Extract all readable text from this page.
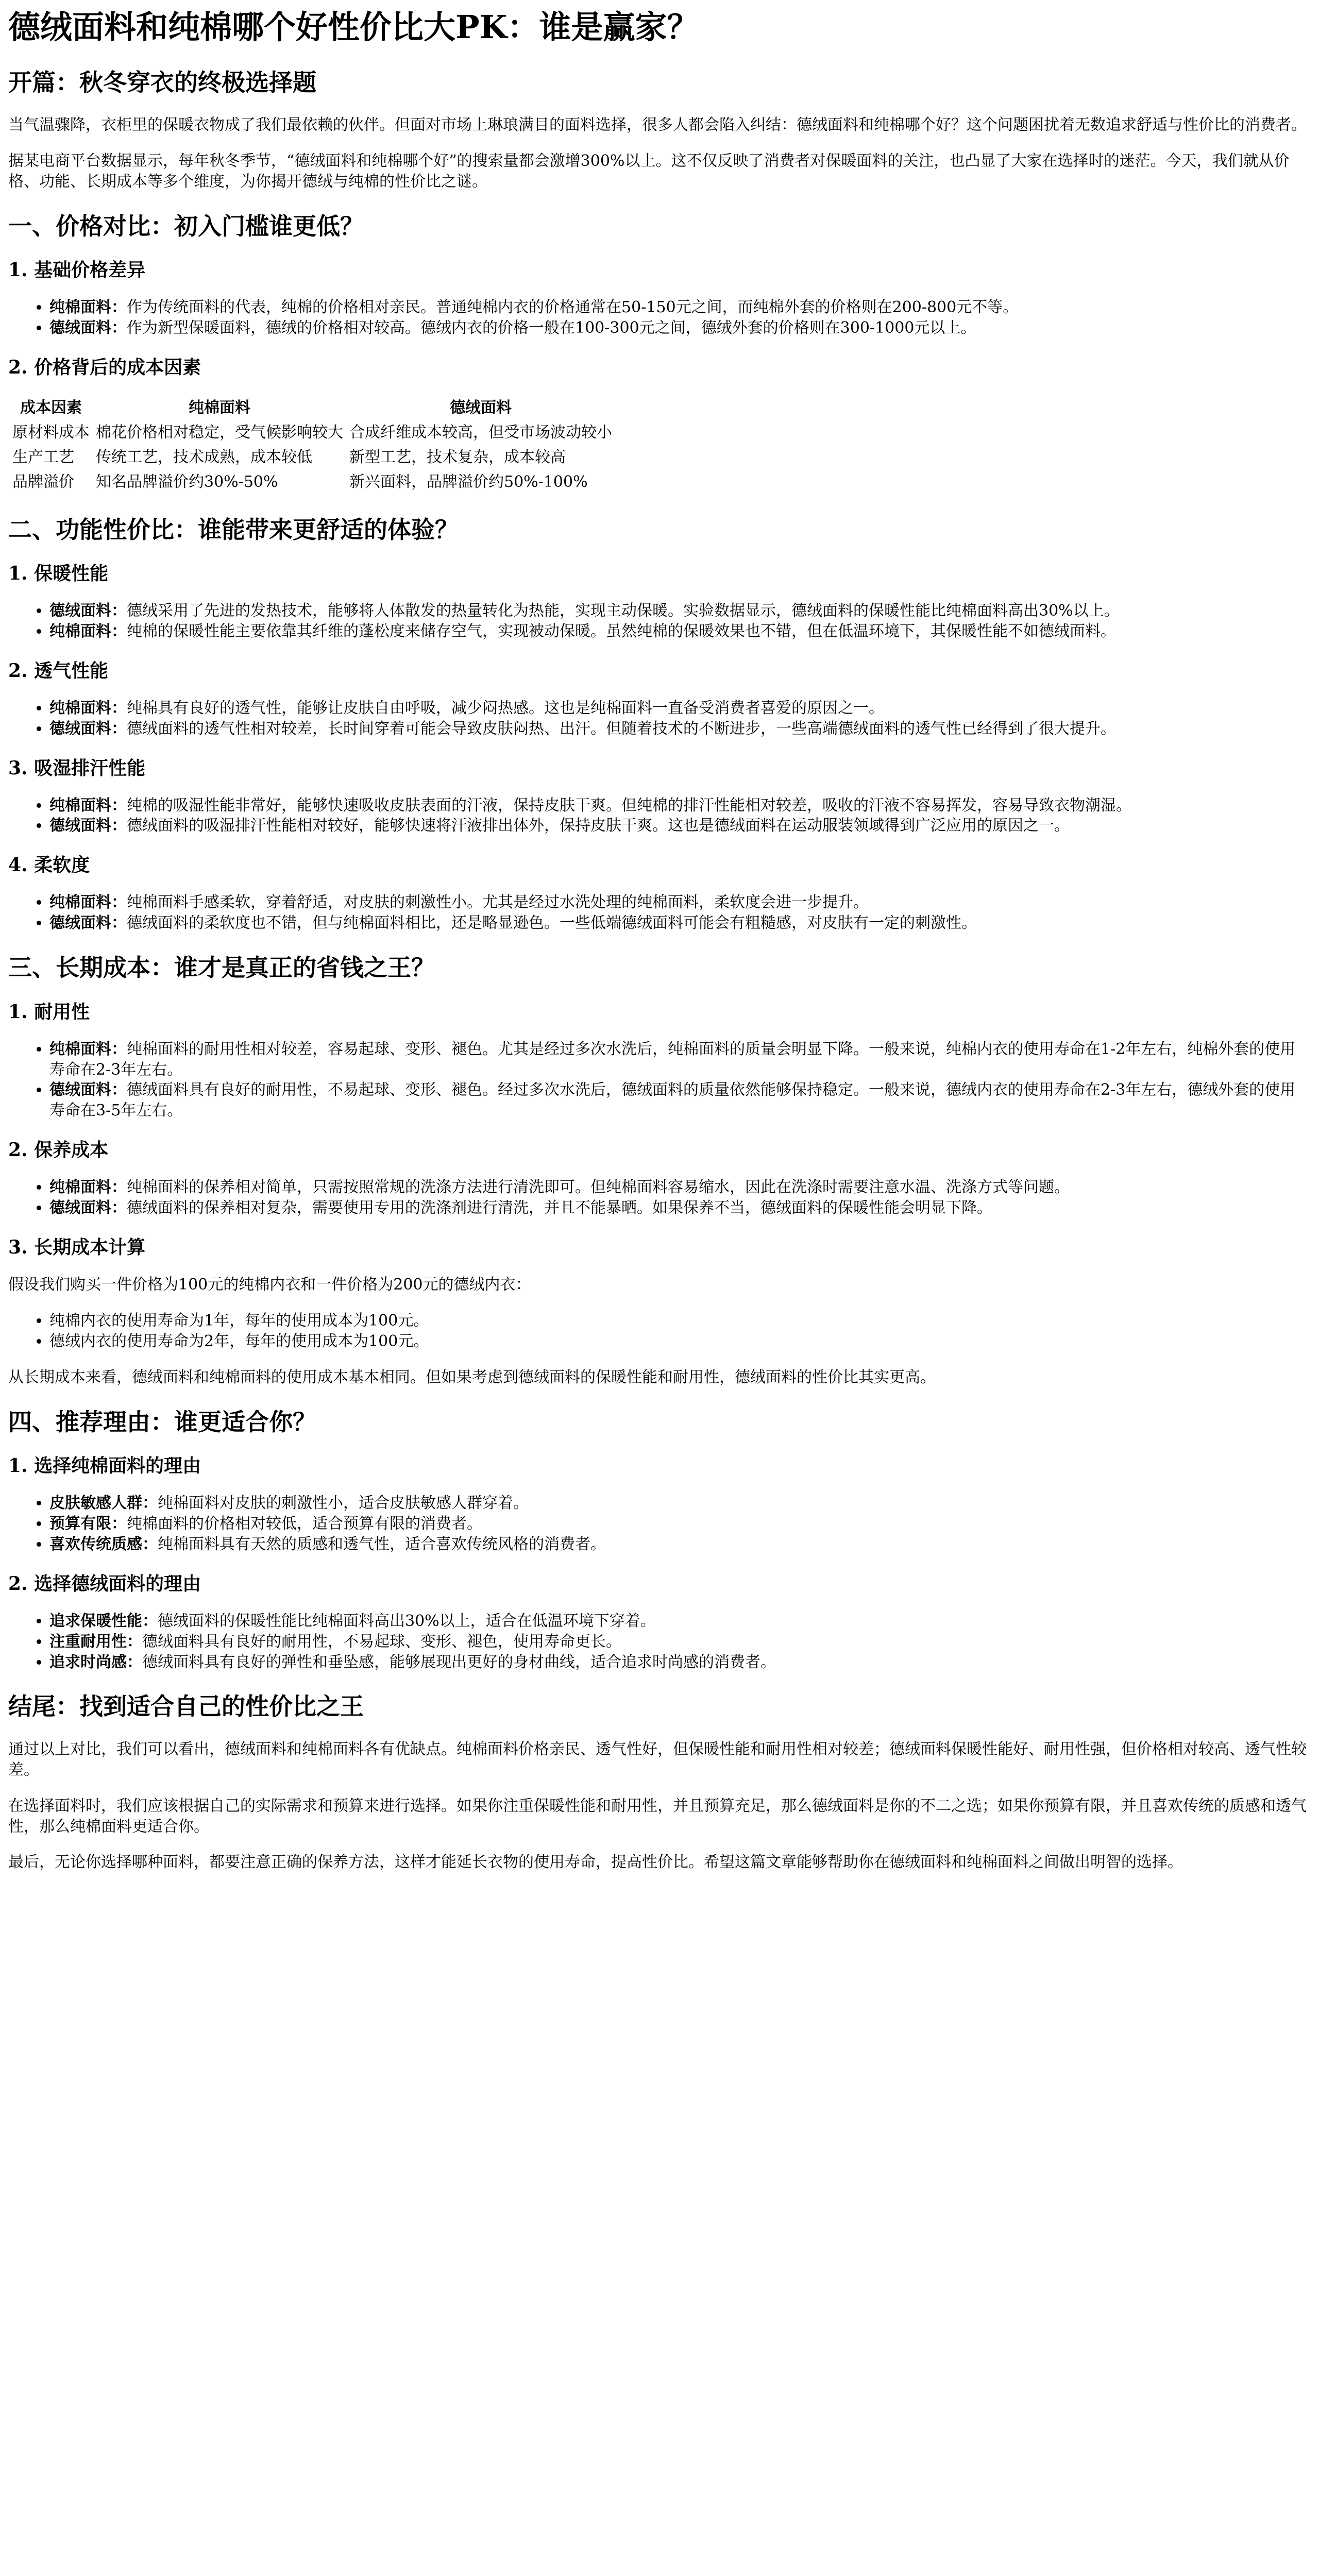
德绒面料和纯棉哪个好性价比大PK：谁是赢家？
开篇：秋冬穿衣的终极选择题

当气温骤降，衣柜里的保暖衣物成了我们最依赖的伙伴。但面对市场上琳琅满目的面料选择，很多人都会陷入纠结：德绒面料和纯棉哪个好？这个问题困扰着无数追求舒适与性价比的消费者。

据某电商平台数据显示，每年秋冬季节，“德绒面料和纯棉哪个好”的搜索量都会激增300%以上。这不仅反映了消费者对保暖面料的关注，也凸显了大家在选择时的迷茫。今天，我们就从价格、功能、长期成本等多个维度，为你揭开德绒与纯棉的性价比之谜。

一、价格对比：初入门槛谁更低？
1. 基础价格差异
• 纯棉面料：作为传统面料的代表，纯棉的价格相对亲民。普通纯棉内衣的价格通常在50-150元之间，而纯棉外套的价格则在200-800元不等。
• 德绒面料：作为新型保暖面料，德绒的价格相对较高。德绒内衣的价格一般在100-300元之间，德绒外套的价格则在300-1000元以上。
2. 价格背后的成本因素
成本因素	纯棉面料	德绒面料
原材料成本	棉花价格相对稳定，受气候影响较大	合成纤维成本较高，但受市场波动较小
生产工艺	传统工艺，技术成熟，成本较低	新型工艺，技术复杂，成本较高
品牌溢价	知名品牌溢价约30%-50%	新兴面料，品牌溢价约50%-100%
二、功能性价比：谁能带来更舒适的体验？
1. 保暖性能
• 德绒面料：德绒采用了先进的发热技术，能够将人体散发的热量转化为热能，实现主动保暖。实验数据显示，德绒面料的保暖性能比纯棉面料高出30%以上。
• 纯棉面料：纯棉的保暖性能主要依靠其纤维的蓬松度来储存空气，实现被动保暖。虽然纯棉的保暖效果也不错，但在低温环境下，其保暖性能不如德绒面料。
2. 透气性能
• 纯棉面料：纯棉具有良好的透气性，能够让皮肤自由呼吸，减少闷热感。这也是纯棉面料一直备受消费者喜爱的原因之一。
• 德绒面料：德绒面料的透气性相对较差，长时间穿着可能会导致皮肤闷热、出汗。但随着技术的不断进步，一些高端德绒面料的透气性已经得到了很大提升。
3. 吸湿排汗性能
• 纯棉面料：纯棉的吸湿性能非常好，能够快速吸收皮肤表面的汗液，保持皮肤干爽。但纯棉的排汗性能相对较差，吸收的汗液不容易挥发，容易导致衣物潮湿。
• 德绒面料：德绒面料的吸湿排汗性能相对较好，能够快速将汗液排出体外，保持皮肤干爽。这也是德绒面料在运动服装领域得到广泛应用的原因之一。
4. 柔软度
• 纯棉面料：纯棉面料手感柔软，穿着舒适，对皮肤的刺激性小。尤其是经过水洗处理的纯棉面料，柔软度会进一步提升。
• 德绒面料：德绒面料的柔软度也不错，但与纯棉面料相比，还是略显逊色。一些低端德绒面料可能会有粗糙感，对皮肤有一定的刺激性。
三、长期成本：谁才是真正的省钱之王？
1. 耐用性
• 纯棉面料：纯棉面料的耐用性相对较差，容易起球、变形、褪色。尤其是经过多次水洗后，纯棉面料的质量会明显下降。一般来说，纯棉内衣的使用寿命在1-2年左右，纯棉外套的使用寿命在2-3年左右。
• 德绒面料：德绒面料具有良好的耐用性，不易起球、变形、褪色。经过多次水洗后，德绒面料的质量依然能够保持稳定。一般来说，德绒内衣的使用寿命在2-3年左右，德绒外套的使用寿命在3-5年左右。
2. 保养成本
• 纯棉面料：纯棉面料的保养相对简单，只需按照常规的洗涤方法进行清洗即可。但纯棉面料容易缩水，因此在洗涤时需要注意水温、洗涤方式等问题。
• 德绒面料：德绒面料的保养相对复杂，需要使用专用的洗涤剂进行清洗，并且不能暴晒。如果保养不当，德绒面料的保暖性能会明显下降。
3. 长期成本计算

假设我们购买一件价格为100元的纯棉内衣和一件价格为200元的德绒内衣：

• 纯棉内衣的使用寿命为1年，每年的使用成本为100元。
• 德绒内衣的使用寿命为2年，每年的使用成本为100元。

从长期成本来看，德绒面料和纯棉面料的使用成本基本相同。但如果考虑到德绒面料的保暖性能和耐用性，德绒面料的性价比其实更高。

四、推荐理由：谁更适合你？
1. 选择纯棉面料的理由
• 皮肤敏感人群：纯棉面料对皮肤的刺激性小，适合皮肤敏感人群穿着。
• 预算有限：纯棉面料的价格相对较低，适合预算有限的消费者。
• 喜欢传统质感：纯棉面料具有天然的质感和透气性，适合喜欢传统风格的消费者。
2. 选择德绒面料的理由
• 追求保暖性能：德绒面料的保暖性能比纯棉面料高出30%以上，适合在低温环境下穿着。
• 注重耐用性：德绒面料具有良好的耐用性，不易起球、变形、褪色，使用寿命更长。
• 追求时尚感：德绒面料具有良好的弹性和垂坠感，能够展现出更好的身材曲线，适合追求时尚感的消费者。
结尾：找到适合自己的性价比之王

通过以上对比，我们可以看出，德绒面料和纯棉面料各有优缺点。纯棉面料价格亲民、透气性好，但保暖性能和耐用性相对较差；德绒面料保暖性能好、耐用性强，但价格相对较高、透气性较差。

在选择面料时，我们应该根据自己的实际需求和预算来进行选择。如果你注重保暖性能和耐用性，并且预算充足，那么德绒面料是你的不二之选；如果你预算有限，并且喜欢传统的质感和透气性，那么纯棉面料更适合你。

最后，无论你选择哪种面料，都要注意正确的保养方法，这样才能延长衣物的使用寿命，提高性价比。希望这篇文章能够帮助你在德绒面料和纯棉面料之间做出明智的选择。
